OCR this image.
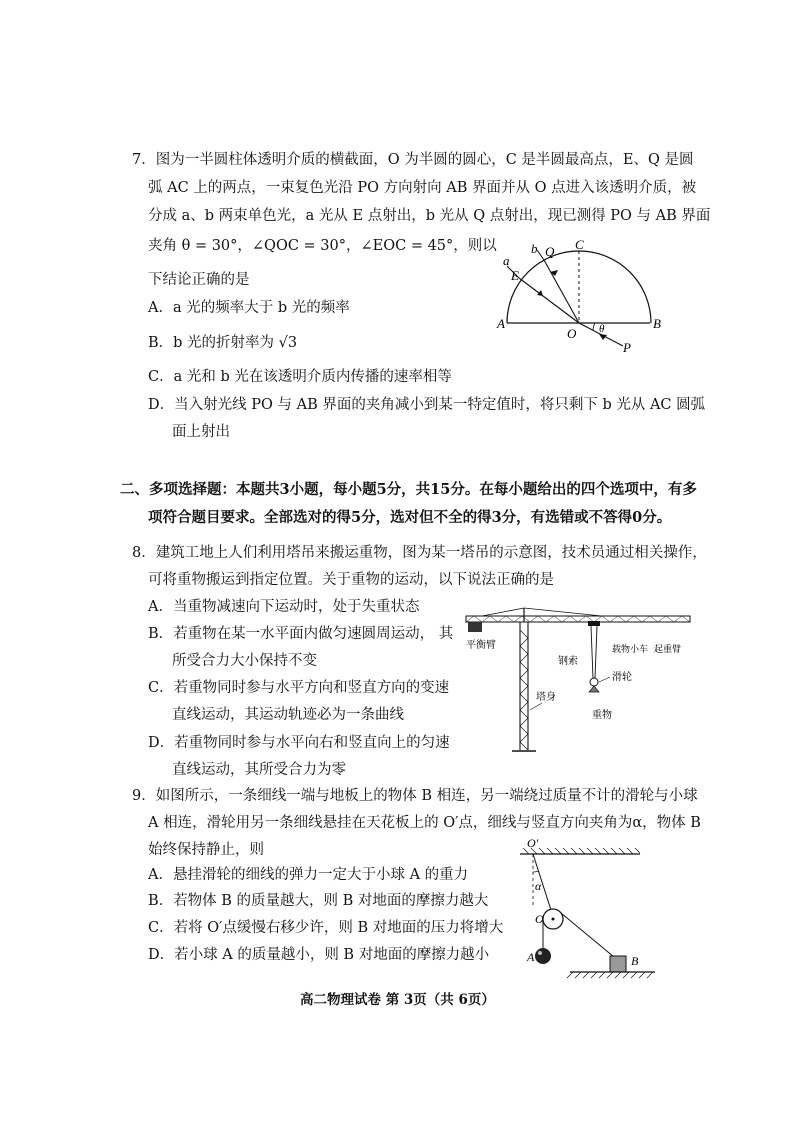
7．图为一半圆柱体透明介质的横截面，O 为半圆的圆心，C 是半圆最高点，E、Q 是圆
弧 AC 上的两点，一束复色光沿 PO 方向射向 AB 界面并从 O 点进入该透明介质，被
分成 a、b 两束单色光，a 光从 E 点射出，b 光从 Q 点射出，现已测得 PO 与 AB 界面
夹角 θ = 30°，∠QOC = 30°，∠EOC = 45°，则以
下结论正确的是
A．a 光的频率大于 b 光的频率
B．b 光的折射率为 √3
C．a 光和 b 光在该透明介质内传播的速率相等
D．当入射光线 PO 与 AB 界面的夹角减小到某一特定值时，将只剩下 b 光从 AC 圆弧
面上射出
b Q C
a
E
A
O θ	B
P
二、多项选择题：本题共3小题，每小题5分，共15分。在每小题给出的四个选项中，有多
项符合题目要求。全部选对的得5分，选对但不全的得3分，有选错或不答得0分。
8．建筑工地上人们利用塔吊来搬运重物，图为某一塔吊的示意图，技术员通过相关操作，
可将重物搬运到指定位置。关于重物的运动，以下说法正确的是
A．当重物减速向下运动时，处于失重状态
B．若重物在某一水平面内做匀速圆周运动， 其
所受合力大小保持不变
C．若重物同时参与水平方向和竖直方向的变速
直线运动，其运动轨迹必为一条曲线
D．若重物同时参与水平向右和竖直向上的匀速
直线运动，其所受合力为零
平衡臂	载物小车 起重臂
钢索
滑轮
塔身
重物
9．如图所示，一条细线一端与地板上的物体 B 相连，另一端绕过质量不计的滑轮与小球
A 相连，滑轮用另一条细线悬挂在天花板上的 O′点，细线与竖直方向夹角为α，物体 B
始终保持静止，则
A．悬挂滑轮的细线的弹力一定大于小球 A 的重力
B．若物体 B 的质量越大，则 B 对地面的摩擦力越大
C．若将 O′点缓慢右移少许，则 B 对地面的压力将增大
D．若小球 A 的质量越小，则 B 对地面的摩擦力越小
O′
α
O
A	B
高二物理试卷 第 3页（共 6页）
